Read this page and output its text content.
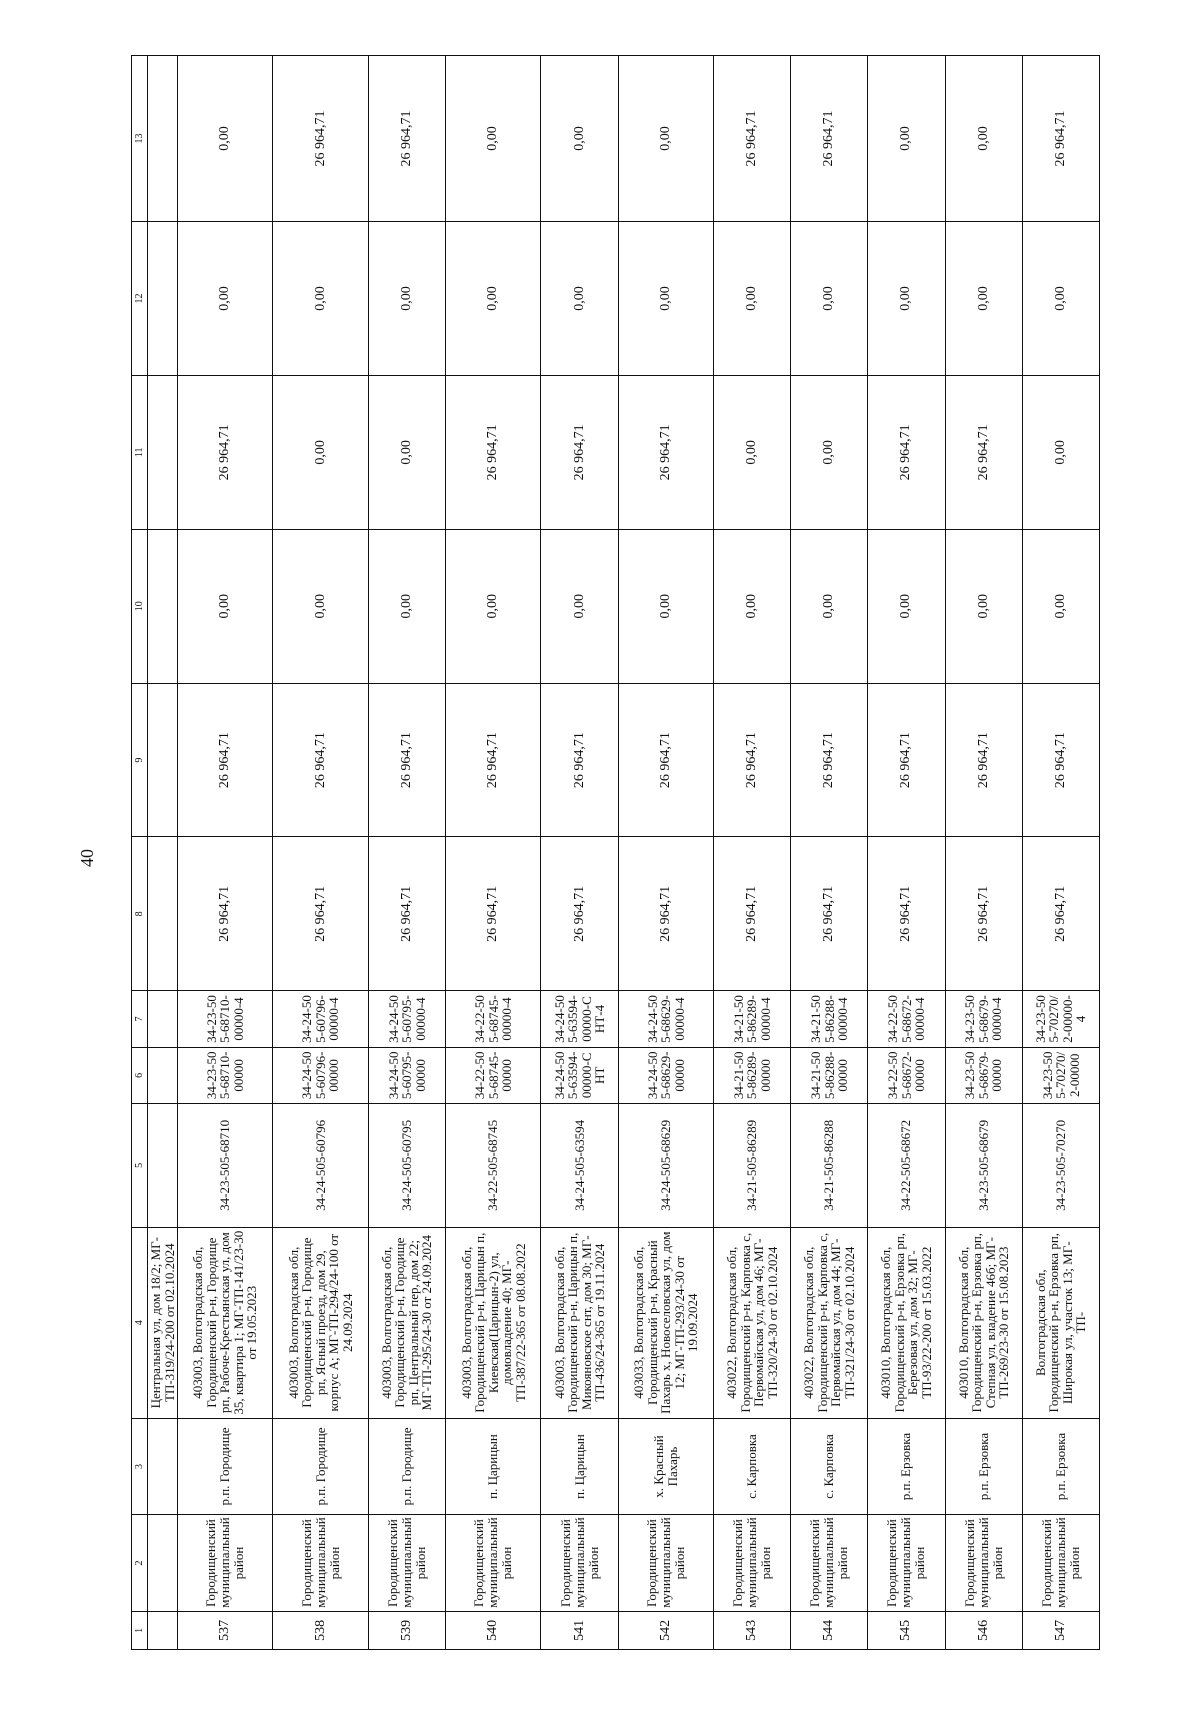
40
1	2	3	4	5	6	7	8	9	10	11	12	13
			Центральная ул, дом 18/2; МГ-ТП-319/24-200 от 02.10.2024									
537	Городищенский муниципальный район	р.п. Городище	403003, Волгоградская обл, Городищенский р-н, Городище рп, Рабоче-Крестьянская ул, дом 35, квартира 1; МГ-ТП-141/23-30 от 19.05.2023	34-23-505-68710	34-23-505-68710-00000	34-23-505-68710-00000-4	26 964,71	26 964,71	0,00	26 964,71	0,00	0,00
538	Городищенский муниципальный район	р.п. Городище	403003, Волгоградская обл, Городищенский р-н, Городище рп, Ясный проезд, дом 29, корпус А; МГ-ТП-294/24-100 от 24.09.2024	34-24-505-60796	34-24-505-60796-00000	34-24-505-60796-00000-4	26 964,71	26 964,71	0,00	0,00	0,00	26 964,71
539	Городищенский муниципальный район	р.п. Городище	403003, Волгоградская обл, Городищенский р-н, Городище рп, Центральный пер, дом 22; МГ-ТП-295/24-30 от 24.09.2024	34-24-505-60795	34-24-505-60795-00000	34-24-505-60795-00000-4	26 964,71	26 964,71	0,00	0,00	0,00	26 964,71
540	Городищенский муниципальный район	п. Царицын	403003, Волгоградская обл, Городищенский р-н, Царицын п, Киевская(Царицын-2) ул, домовладение 40; МГ-ТП-387/22-365 от 08.08.2022	34-22-505-68745	34-22-505-68745-00000	34-22-505-68745-00000-4	26 964,71	26 964,71	0,00	26 964,71	0,00	0,00
541	Городищенский муниципальный район	п. Царицын	403003, Волгоградская обл, Городищенский р-н, Царицын п, Микояновское снт, дом 30; МГ-ТП-436/24-365 от 19.11.2024	34-24-505-63594	34-24-505-63594-00000-СНТ	34-24-505-63594-00000-СНТ-4	26 964,71	26 964,71	0,00	26 964,71	0,00	0,00
542	Городищенский муниципальный район	х. Красный Пахарь	403033, Волгоградская обл, Городищенский р-н, Красный Пахарь х, Новоселовская ул, дом 12; МГ-ТП-293/24-30 от 19.09.2024	34-24-505-68629	34-24-505-68629-00000	34-24-505-68629-00000-4	26 964,71	26 964,71	0,00	26 964,71	0,00	0,00
543	Городищенский муниципальный район	с. Карповка	403022, Волгоградская обл, Городищенский р-н, Карповка с, Первомайская ул, дом 46; МГ-ТП-320/24-30 от 02.10.2024	34-21-505-86289	34-21-505-86289-00000	34-21-505-86289-00000-4	26 964,71	26 964,71	0,00	0,00	0,00	26 964,71
544	Городищенский муниципальный район	с. Карповка	403022, Волгоградская обл, Городищенский р-н, Карповка с, Первомайская ул, дом 44; МГ-ТП-321/24-30 от 02.10.2024	34-21-505-86288	34-21-505-86288-00000	34-21-505-86288-00000-4	26 964,71	26 964,71	0,00	0,00	0,00	26 964,71
545	Городищенский муниципальный район	р.п. Ерзовка	403010, Волгоградская обл, Городищенский р-н, Ерзовка рп, Березовая ул, дом 32; МГ-ТП-93/22-200 от 15.03.2022	34-22-505-68672	34-22-505-68672-00000	34-22-505-68672-00000-4	26 964,71	26 964,71	0,00	26 964,71	0,00	0,00
546	Городищенский муниципальный район	р.п. Ерзовка	403010, Волгоградская обл, Городищенский р-н, Ерзовка рп, Степная ул, владение 46б; МГ-ТП-269/23-30 от 15.08.2023	34-23-505-68679	34-23-505-68679-00000	34-23-505-68679-00000-4	26 964,71	26 964,71	0,00	26 964,71	0,00	0,00
547	Городищенский муниципальный район	р.п. Ерзовка	Волгоградская обл, Городищенский р-н, Ерзовка рп, Широкая ул, участок 13; МГ-ТП-	34-23-505-70270	34-23-505-70270/2-00000	34-23-505-70270/2-00000-4	26 964,71	26 964,71	0,00	0,00	0,00	26 964,71
